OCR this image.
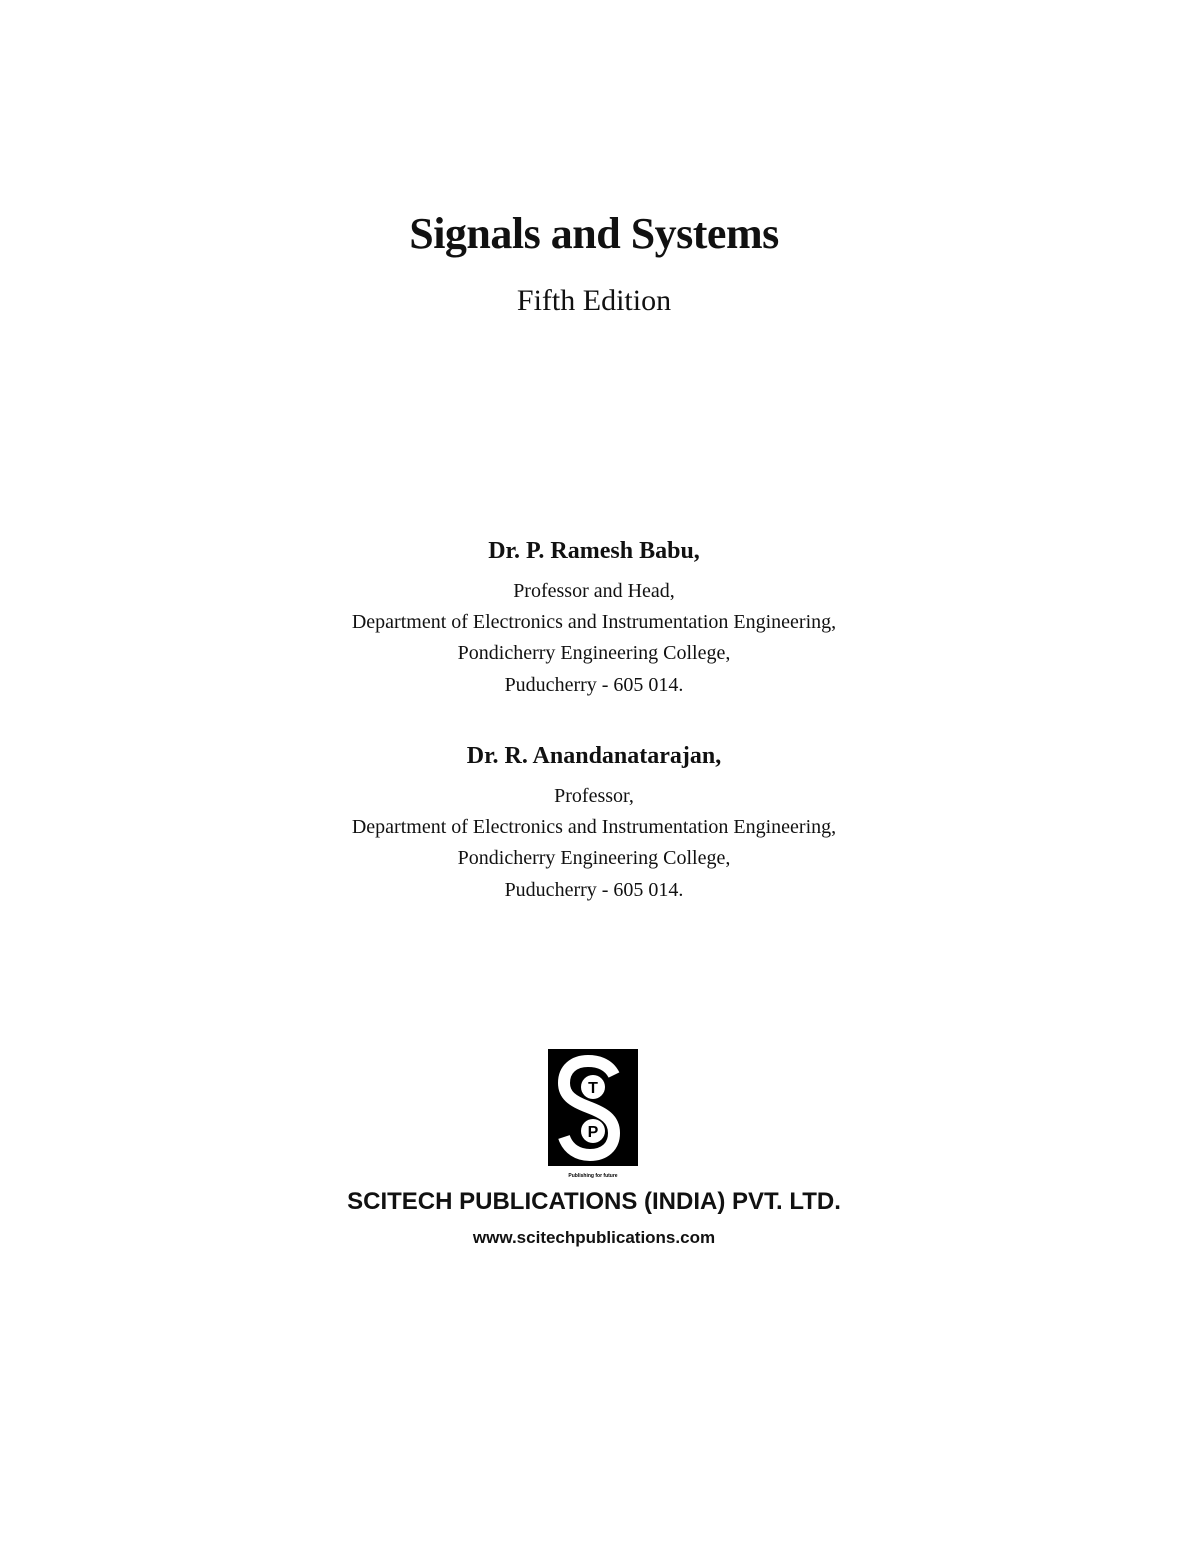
Signals and Systems
Fifth Edition
Dr. P. Ramesh Babu,
Professor and Head,
Department of Electronics and Instrumentation Engineering,
Pondicherry Engineering College,
Puducherry - 605 014.
Dr. R. Anandanatarajan,
Professor,
Department of Electronics and Instrumentation Engineering,
Pondicherry Engineering College,
Puducherry - 605 014.
T
P
Publishing for future
SCITECH PUBLICATIONS (INDIA) PVT. LTD.
www.scitechpublications.com
